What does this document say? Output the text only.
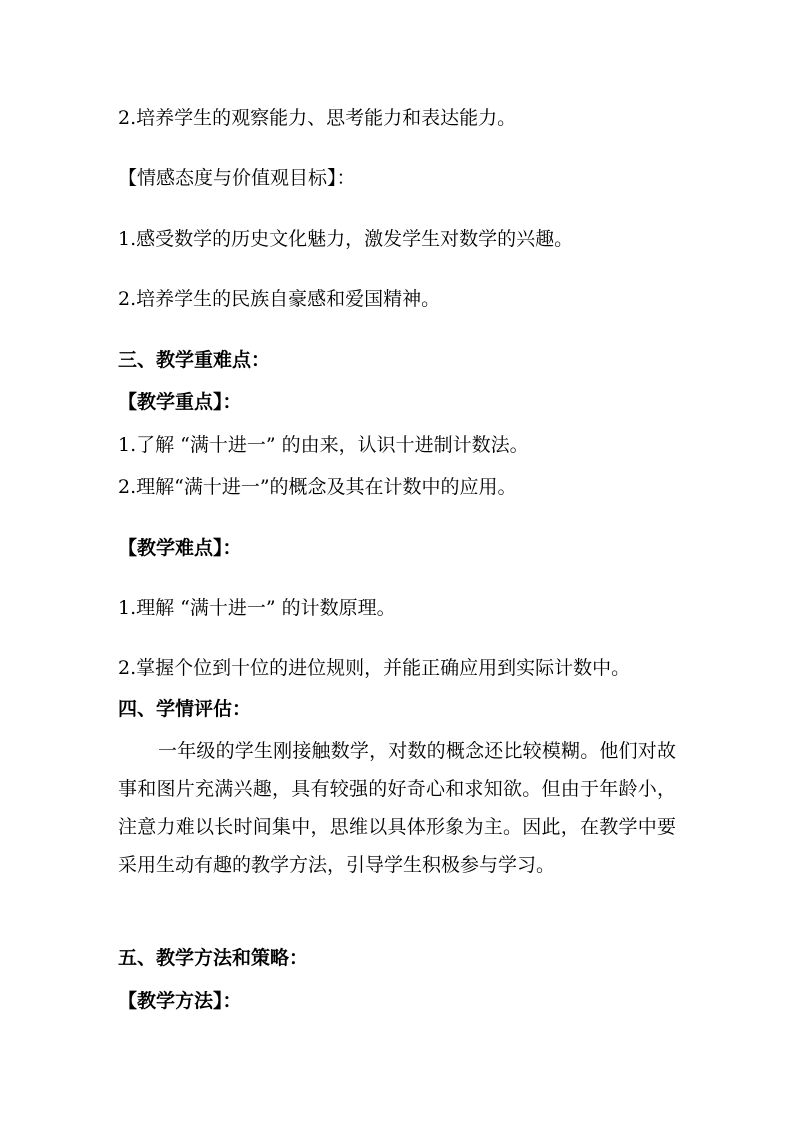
2.培养学生的观察能力、思考能力和表达能力。
【情感态度与价值观目标】：
1.感受数学的历史文化魅力，激发学生对数学的兴趣。
2.培养学生的民族自豪感和爱国精神。
三、教学重难点：
【教学重点】：
1.了解 “满十进一” 的由来，认识十进制计数法。
2.理解“满十进一”的概念及其在计数中的应用。
【教学难点】：
1.理解 “满十进一” 的计数原理。
2.掌握个位到十位的进位规则，并能正确应用到实际计数中。
四、学情评估：
一年级的学生刚接触数学，对数的概念还比较模糊。他们对故事和图片充满兴趣，具有较强的好奇心和求知欲。但由于年龄小，注意力难以长时间集中，思维以具体形象为主。因此，在教学中要采用生动有趣的教学方法，引导学生积极参与学习。
五、教学方法和策略：
【教学方法】：
